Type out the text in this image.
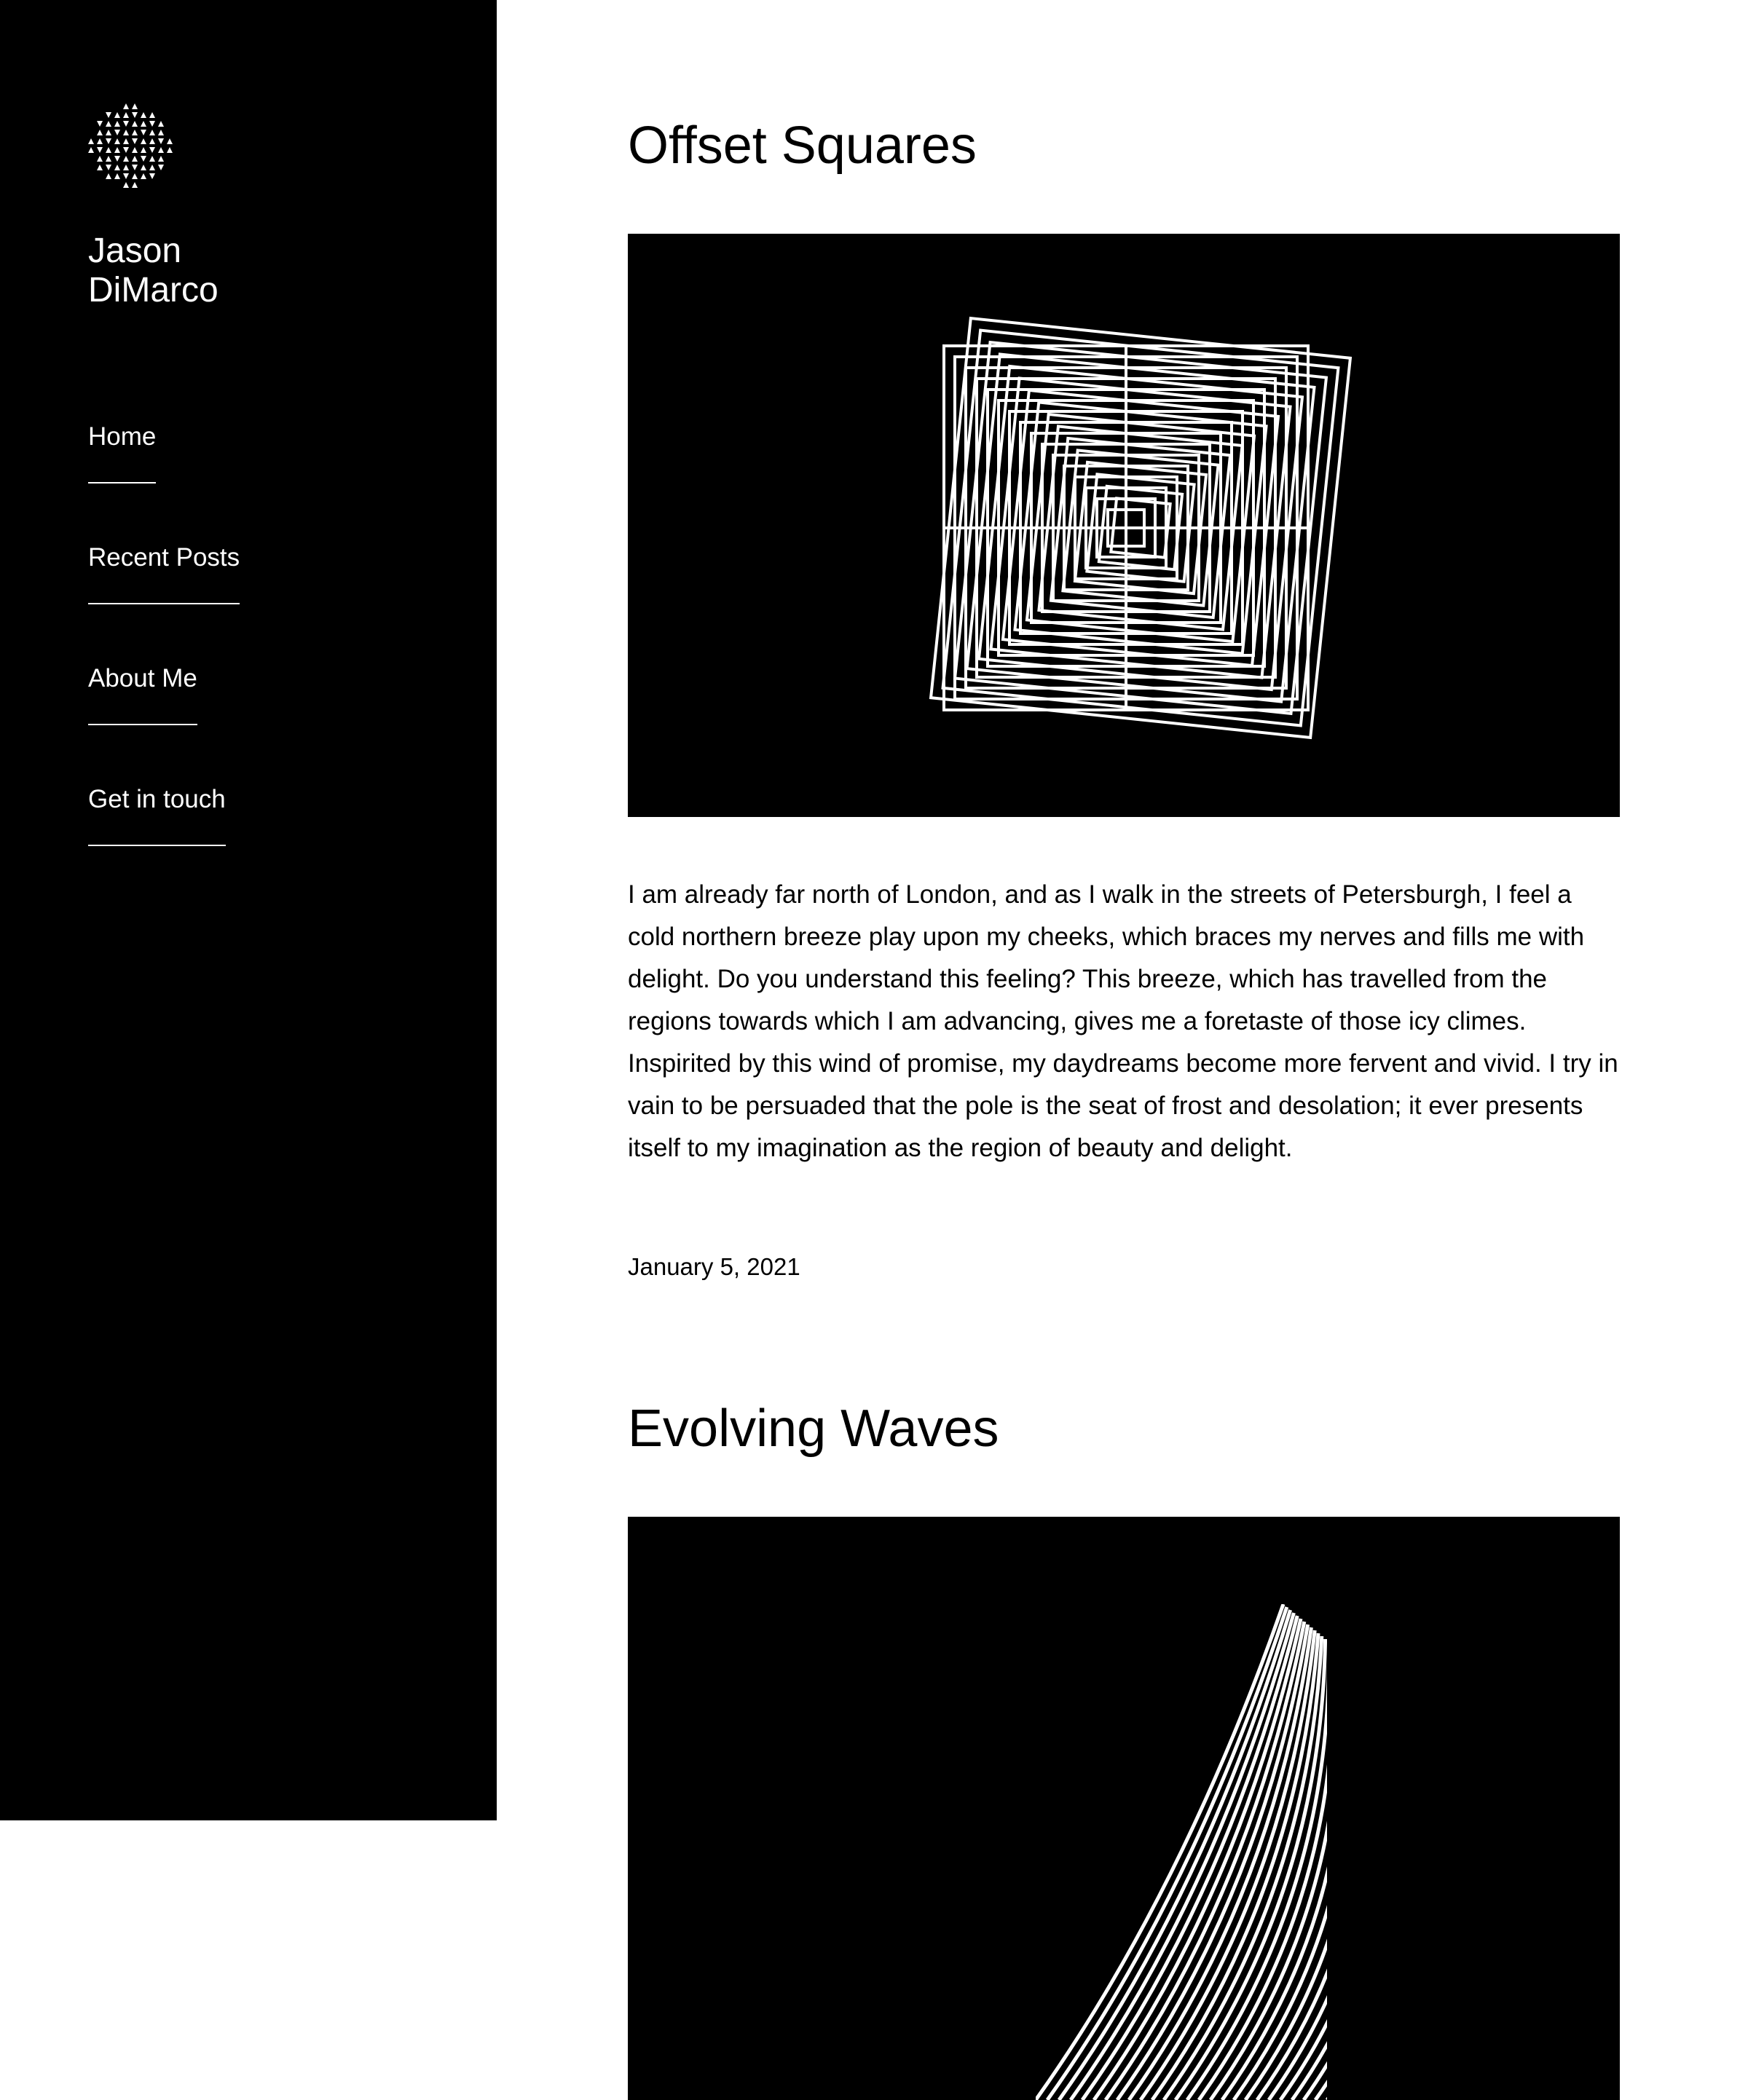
Jason DiMarco
Home
Recent Posts
About Me
Get in touch
Offset Squares

I am already far north of London, and as I walk in the streets of Petersburgh, I feel a cold northern breeze play upon my cheeks, which braces my nerves and fills me with delight. Do you understand this feeling? This breeze, which has travelled from the regions towards which I am advancing, gives me a foretaste of those icy climes. Inspirited by this wind of promise, my daydreams become more fervent and vivid. I try in vain to be persuaded that the pole is the seat of frost and desolation; it ever presents itself to my imagination as the region of beauty and delight.

January 5, 2021
Evolving Waves
